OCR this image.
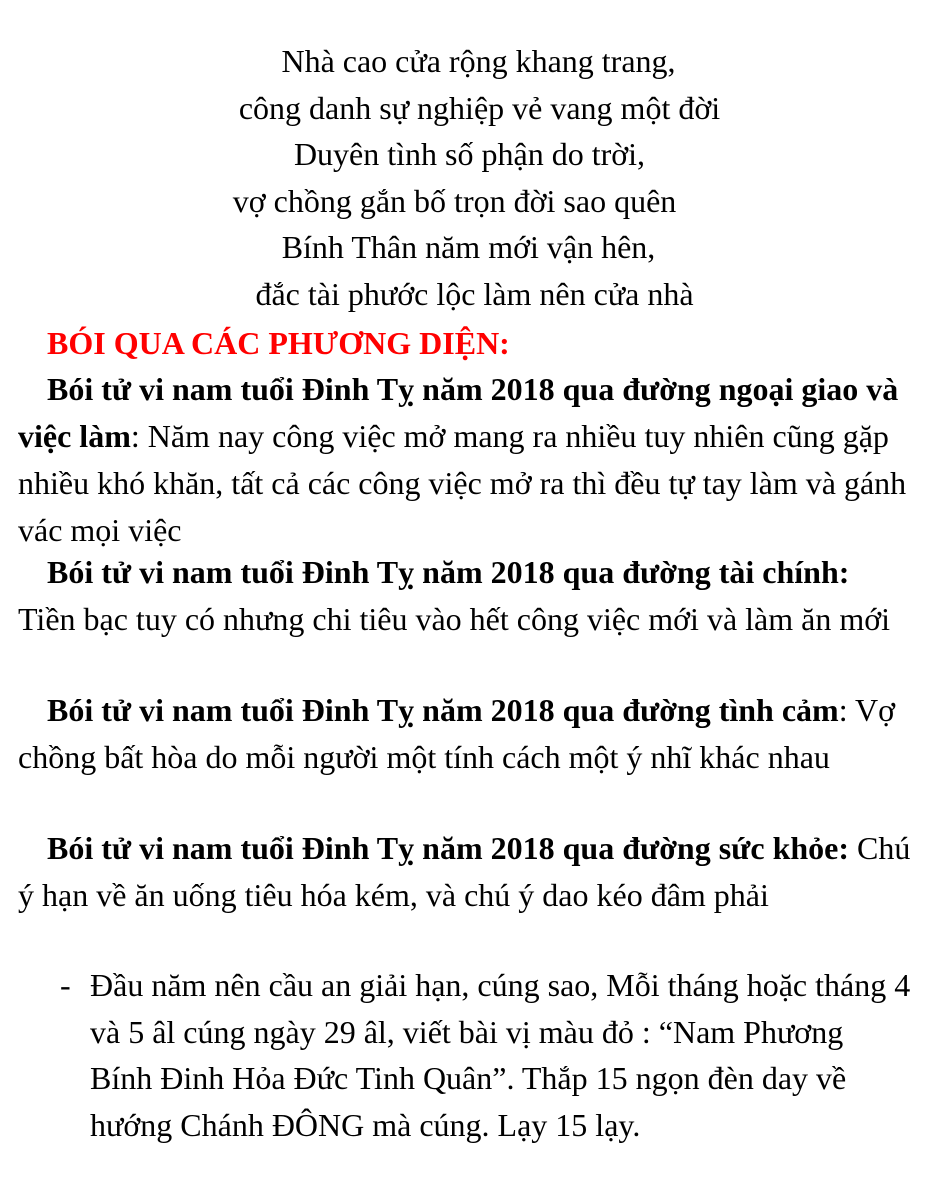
Nhà cao cửa rộng khang trang,
công danh sự nghiệp vẻ vang một đời
Duyên tình số phận do trời,
vợ chồng gắn bố trọn đời sao quên
Bính Thân năm mới vận hên,
đắc tài phước lộc làm nên cửa nhà
BÓI QUA CÁC PHƯƠNG DIỆN:

Bói tử vi nam tuổi Đinh Tỵ năm 2018 qua đường ngoại giao và việc làm: Năm nay công việc mở mang ra nhiều tuy nhiên cũng gặp nhiều khó khăn, tất cả các công việc mở ra thì đều tự tay làm và gánh vác mọi việc

Bói tử vi nam tuổi Đinh Tỵ năm 2018 qua đường tài chính: Tiền bạc tuy có nhưng chi tiêu vào hết công việc mới và làm ăn mới

Bói tử vi nam tuổi Đinh Tỵ năm 2018 qua đường tình cảm: Vợ chồng bất hòa do mỗi người một tính cách một ý nhĩ khác nhau

Bói tử vi nam tuổi Đinh Tỵ năm 2018 qua đường sức khỏe: Chú ý hạn về ăn uống tiêu hóa kém, và chú ý dao kéo đâm phải

- Đầu năm nên cầu an giải hạn, cúng sao, Mỗi tháng hoặc tháng 4 và 5 âl cúng ngày 29 âl, viết bài vị màu đỏ : “Nam Phương Bính Đinh Hỏa Đức Tinh Quân”. Thắp 15 ngọn đèn day về hướng Chánh ĐÔNG mà cúng. Lạy 15 lạy.
